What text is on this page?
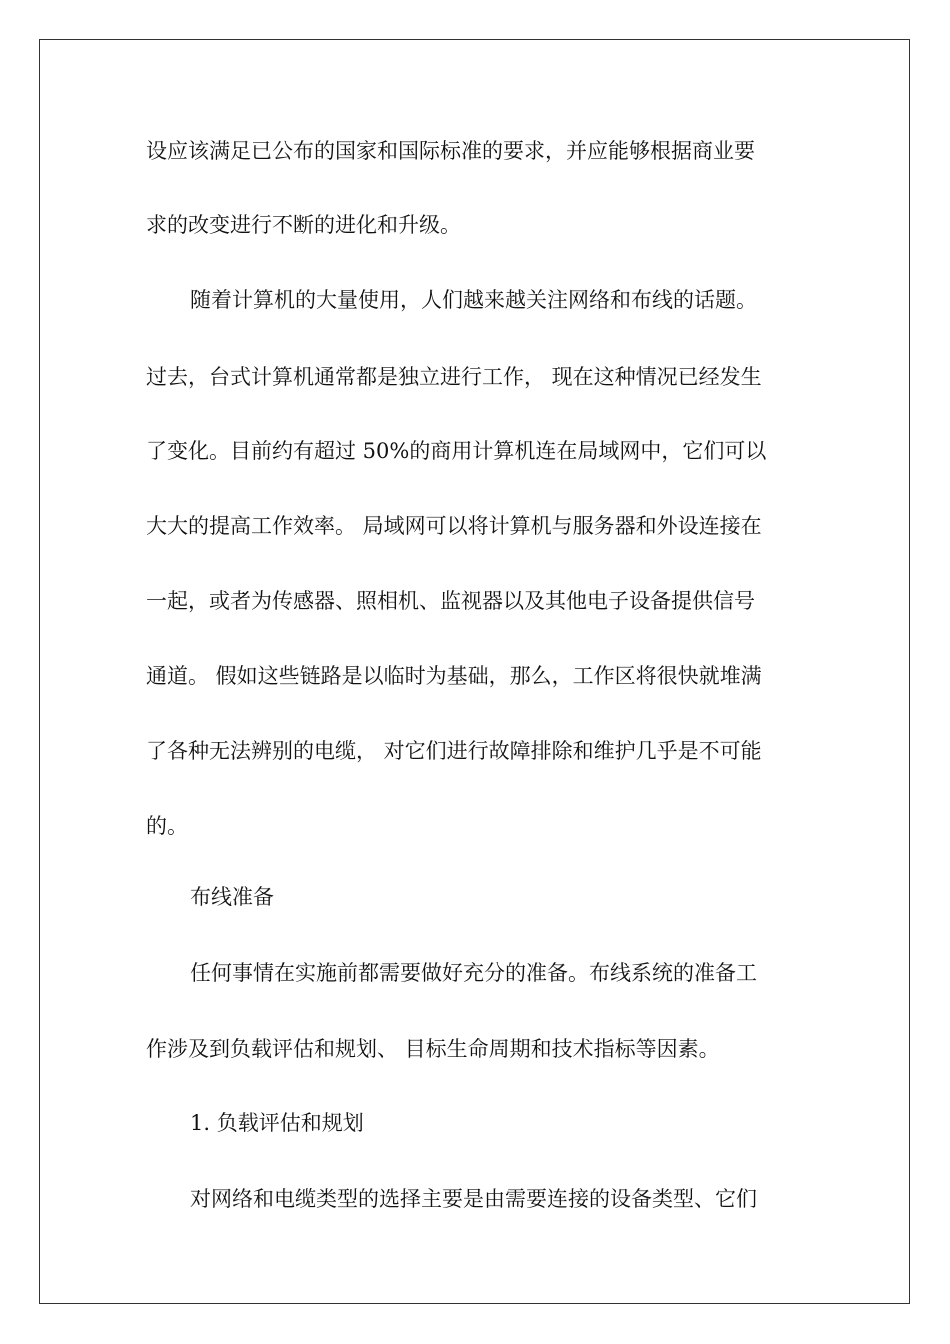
设应该满足已公布的国家和国际标准的要求，并应能够根据商业要
求的改变进行不断的进化和升级。
随着计算机的大量使用，人们越来越关注网络和布线的话题。
过去，台式计算机通常都是独立进行工作， 现在这种情况已经发生
了变化。目前约有超过 50%的商用计算机连在局域网中，它们可以
大大的提高工作效率。 局域网可以将计算机与服务器和外设连接在
一起，或者为传感器、照相机、监视器以及其他电子设备提供信号
通道。 假如这些链路是以临时为基础，那么，工作区将很快就堆满
了各种无法辨别的电缆， 对它们进行故障排除和维护几乎是不可能
的。
布线准备
任何事情在实施前都需要做好充分的准备。布线系统的准备工
作涉及到负载评估和规划、 目标生命周期和技术指标等因素。
1. 负载评估和规划
对网络和电缆类型的选择主要是由需要连接的设备类型、它们
